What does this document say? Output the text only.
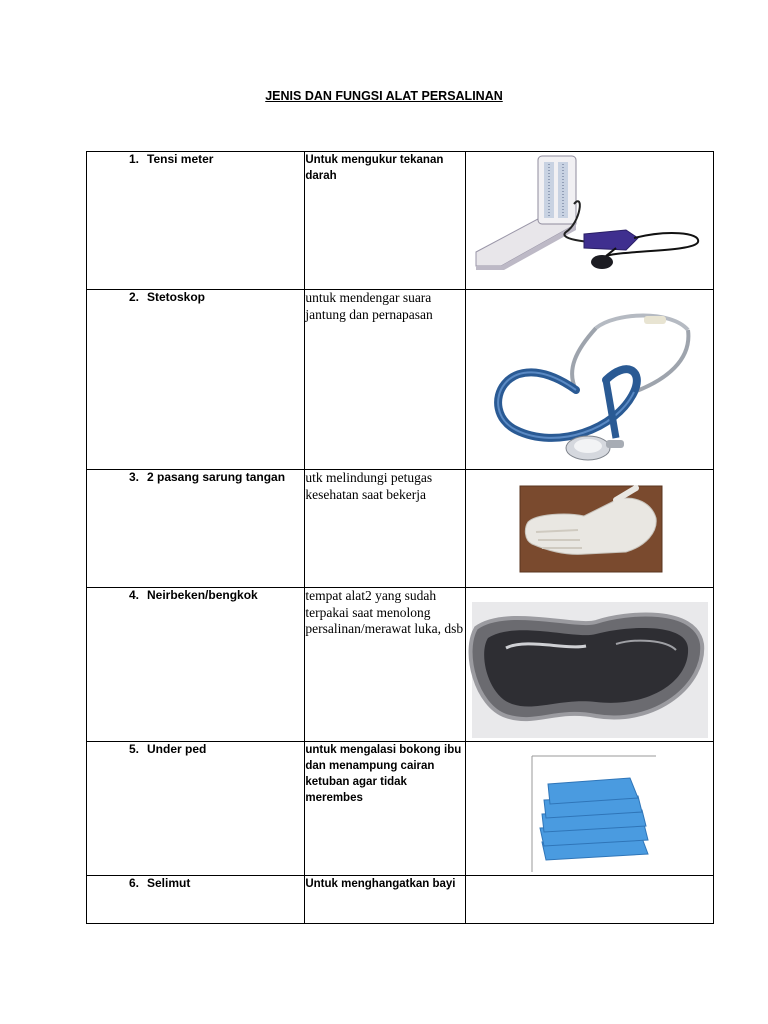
JENIS DAN FUNGSI ALAT PERSALINAN
1. Tensi meter	Untuk mengukur tekanan darah	

2. Stetoskop	untuk mendengar suara jantung dan pernapasan	

3. 2 pasang sarung tangan	utk melindungi petugas kesehatan saat bekerja	

4. Neirbeken/bengkok	tempat alat2 yang sudah terpakai saat menolong persalinan/merawat luka, dsb	

5. Under ped	untuk mengalasi bokong ibu dan menampung cairan ketuban agar tidak merembes	

6. Selimut	Untuk menghangatkan bayi	
